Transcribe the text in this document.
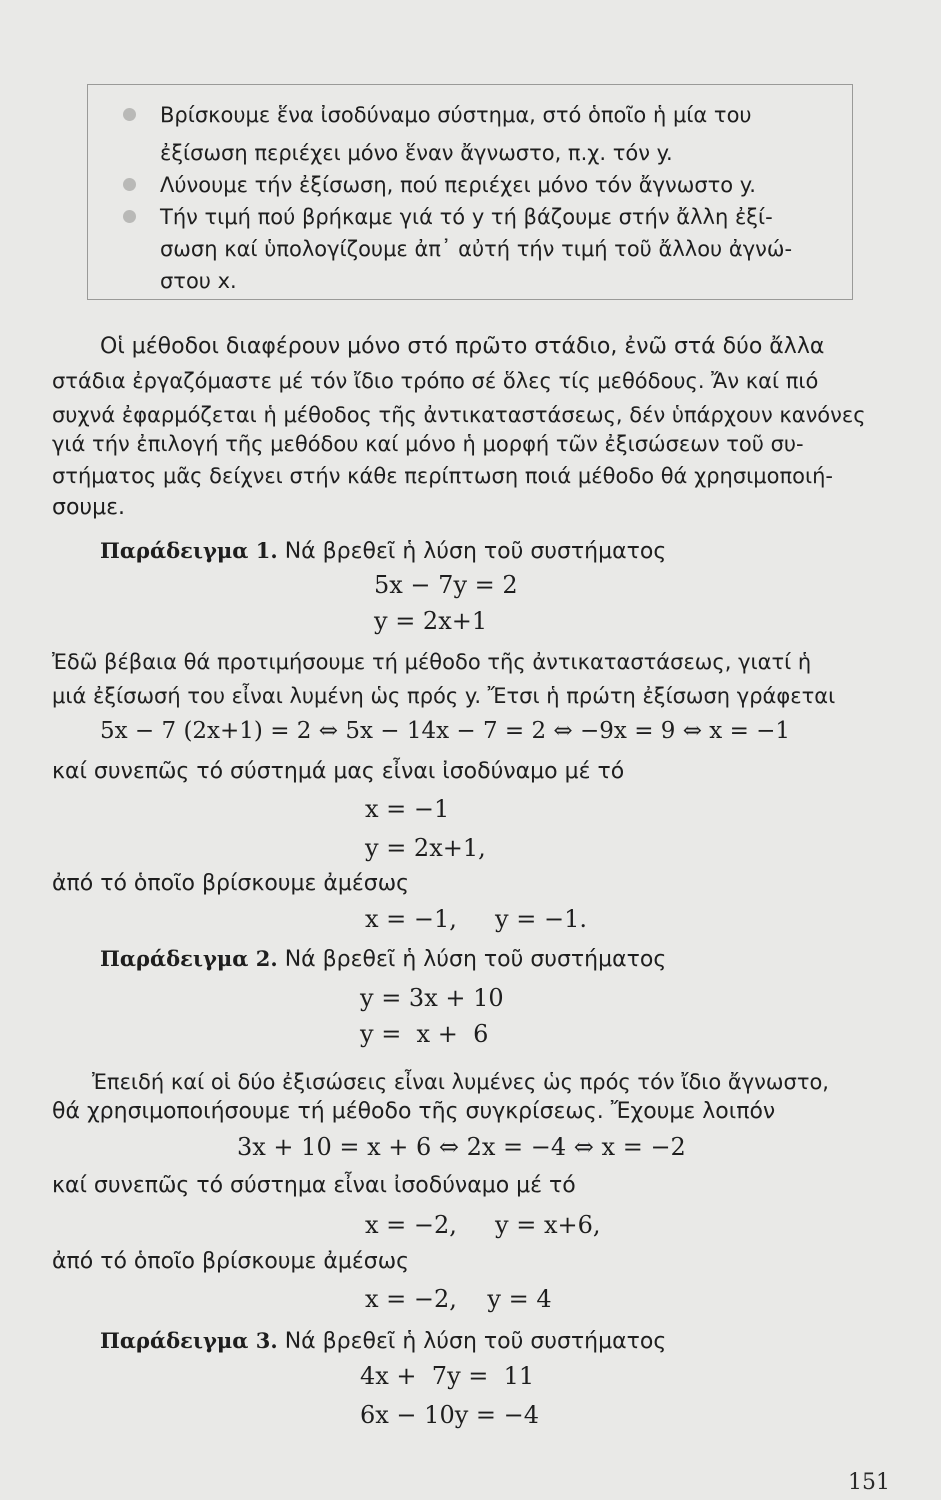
Βρίσκουμε ἕνα ἰσοδύναμο σύστημα, στό ὁποῖο ἡ μία του
ἐξίσωση περιέχει μόνο ἕναν ἄγνωστο, π.χ. τόν y.
Λύνουμε τήν ἐξίσωση, πού περιέχει μόνο τόν ἄγνωστο y.
Τήν τιμή πού βρήκαμε γιά τό y τή βάζουμε στήν ἄλλη ἐξί-
σωση καί ὑπολογίζουμε ἀπ᾽ αὐτή τήν τιμή τοῦ ἄλλου ἀγνώ-
στου x.
Οἱ μέθοδοι διαφέρουν μόνο στό πρῶτο στάδιο, ἐνῶ στά δύο ἄλλα
στάδια ἐργαζόμαστε μέ τόν ἴδιο τρόπο σέ ὅλες τίς μεθόδους. Ἄν καί πιό
συχνά ἐφαρμόζεται ἡ μέθοδος τῆς ἀντικαταστάσεως, δέν ὑπάρχουν κανόνες
γιά τήν ἐπιλογή τῆς μεθόδου καί μόνο ἡ μορφή τῶν ἐξισώσεων τοῦ συ-
στήματος μᾶς δείχνει στήν κάθε περίπτωση ποιά μέθοδο θά χρησιμοποιή-
σουμε.
Παράδειγμα 1. Νά βρεθεῖ ἡ λύση τοῦ συστήματος
5x − 7y = 2
y = 2x+1
Ἐδῶ βέβαια θά προτιμήσουμε τή μέθοδο τῆς ἀντικαταστάσεως, γιατί ἡ
μιά ἐξίσωσή του εἶναι λυμένη ὡς πρός y. Ἔτσι ἡ πρώτη ἐξίσωση γράφεται
5x − 7 (2x+1) = 2 ⇔ 5x − 14x − 7 = 2 ⇔ −9x = 9 ⇔ x = −1
καί συνεπῶς τό σύστημά μας εἶναι ἰσοδύναμο μέ τό
x = −1
y = 2x+1,
ἀπό τό ὁποῖο βρίσκουμε ἀμέσως
x = −1,     y = −1.
Παράδειγμα 2. Νά βρεθεῖ ἡ λύση τοῦ συστήματος
y = 3x + 10
y =  x +  6
Ἐπειδή καί οἱ δύο ἐξισώσεις εἶναι λυμένες ὡς πρός τόν ἴδιο ἄγνωστο,
θά χρησιμοποιήσουμε τή μέθοδο τῆς συγκρίσεως. Ἔχουμε λοιπόν
3x + 10 = x + 6 ⇔ 2x = −4 ⇔ x = −2
καί συνεπῶς τό σύστημα εἶναι ἰσοδύναμο μέ τό
x = −2,     y = x+6,
ἀπό τό ὁποῖο βρίσκουμε ἀμέσως
x = −2,    y = 4
Παράδειγμα 3. Νά βρεθεῖ ἡ λύση τοῦ συστήματος
4x +  7y =  11
6x − 10y = −4
151
